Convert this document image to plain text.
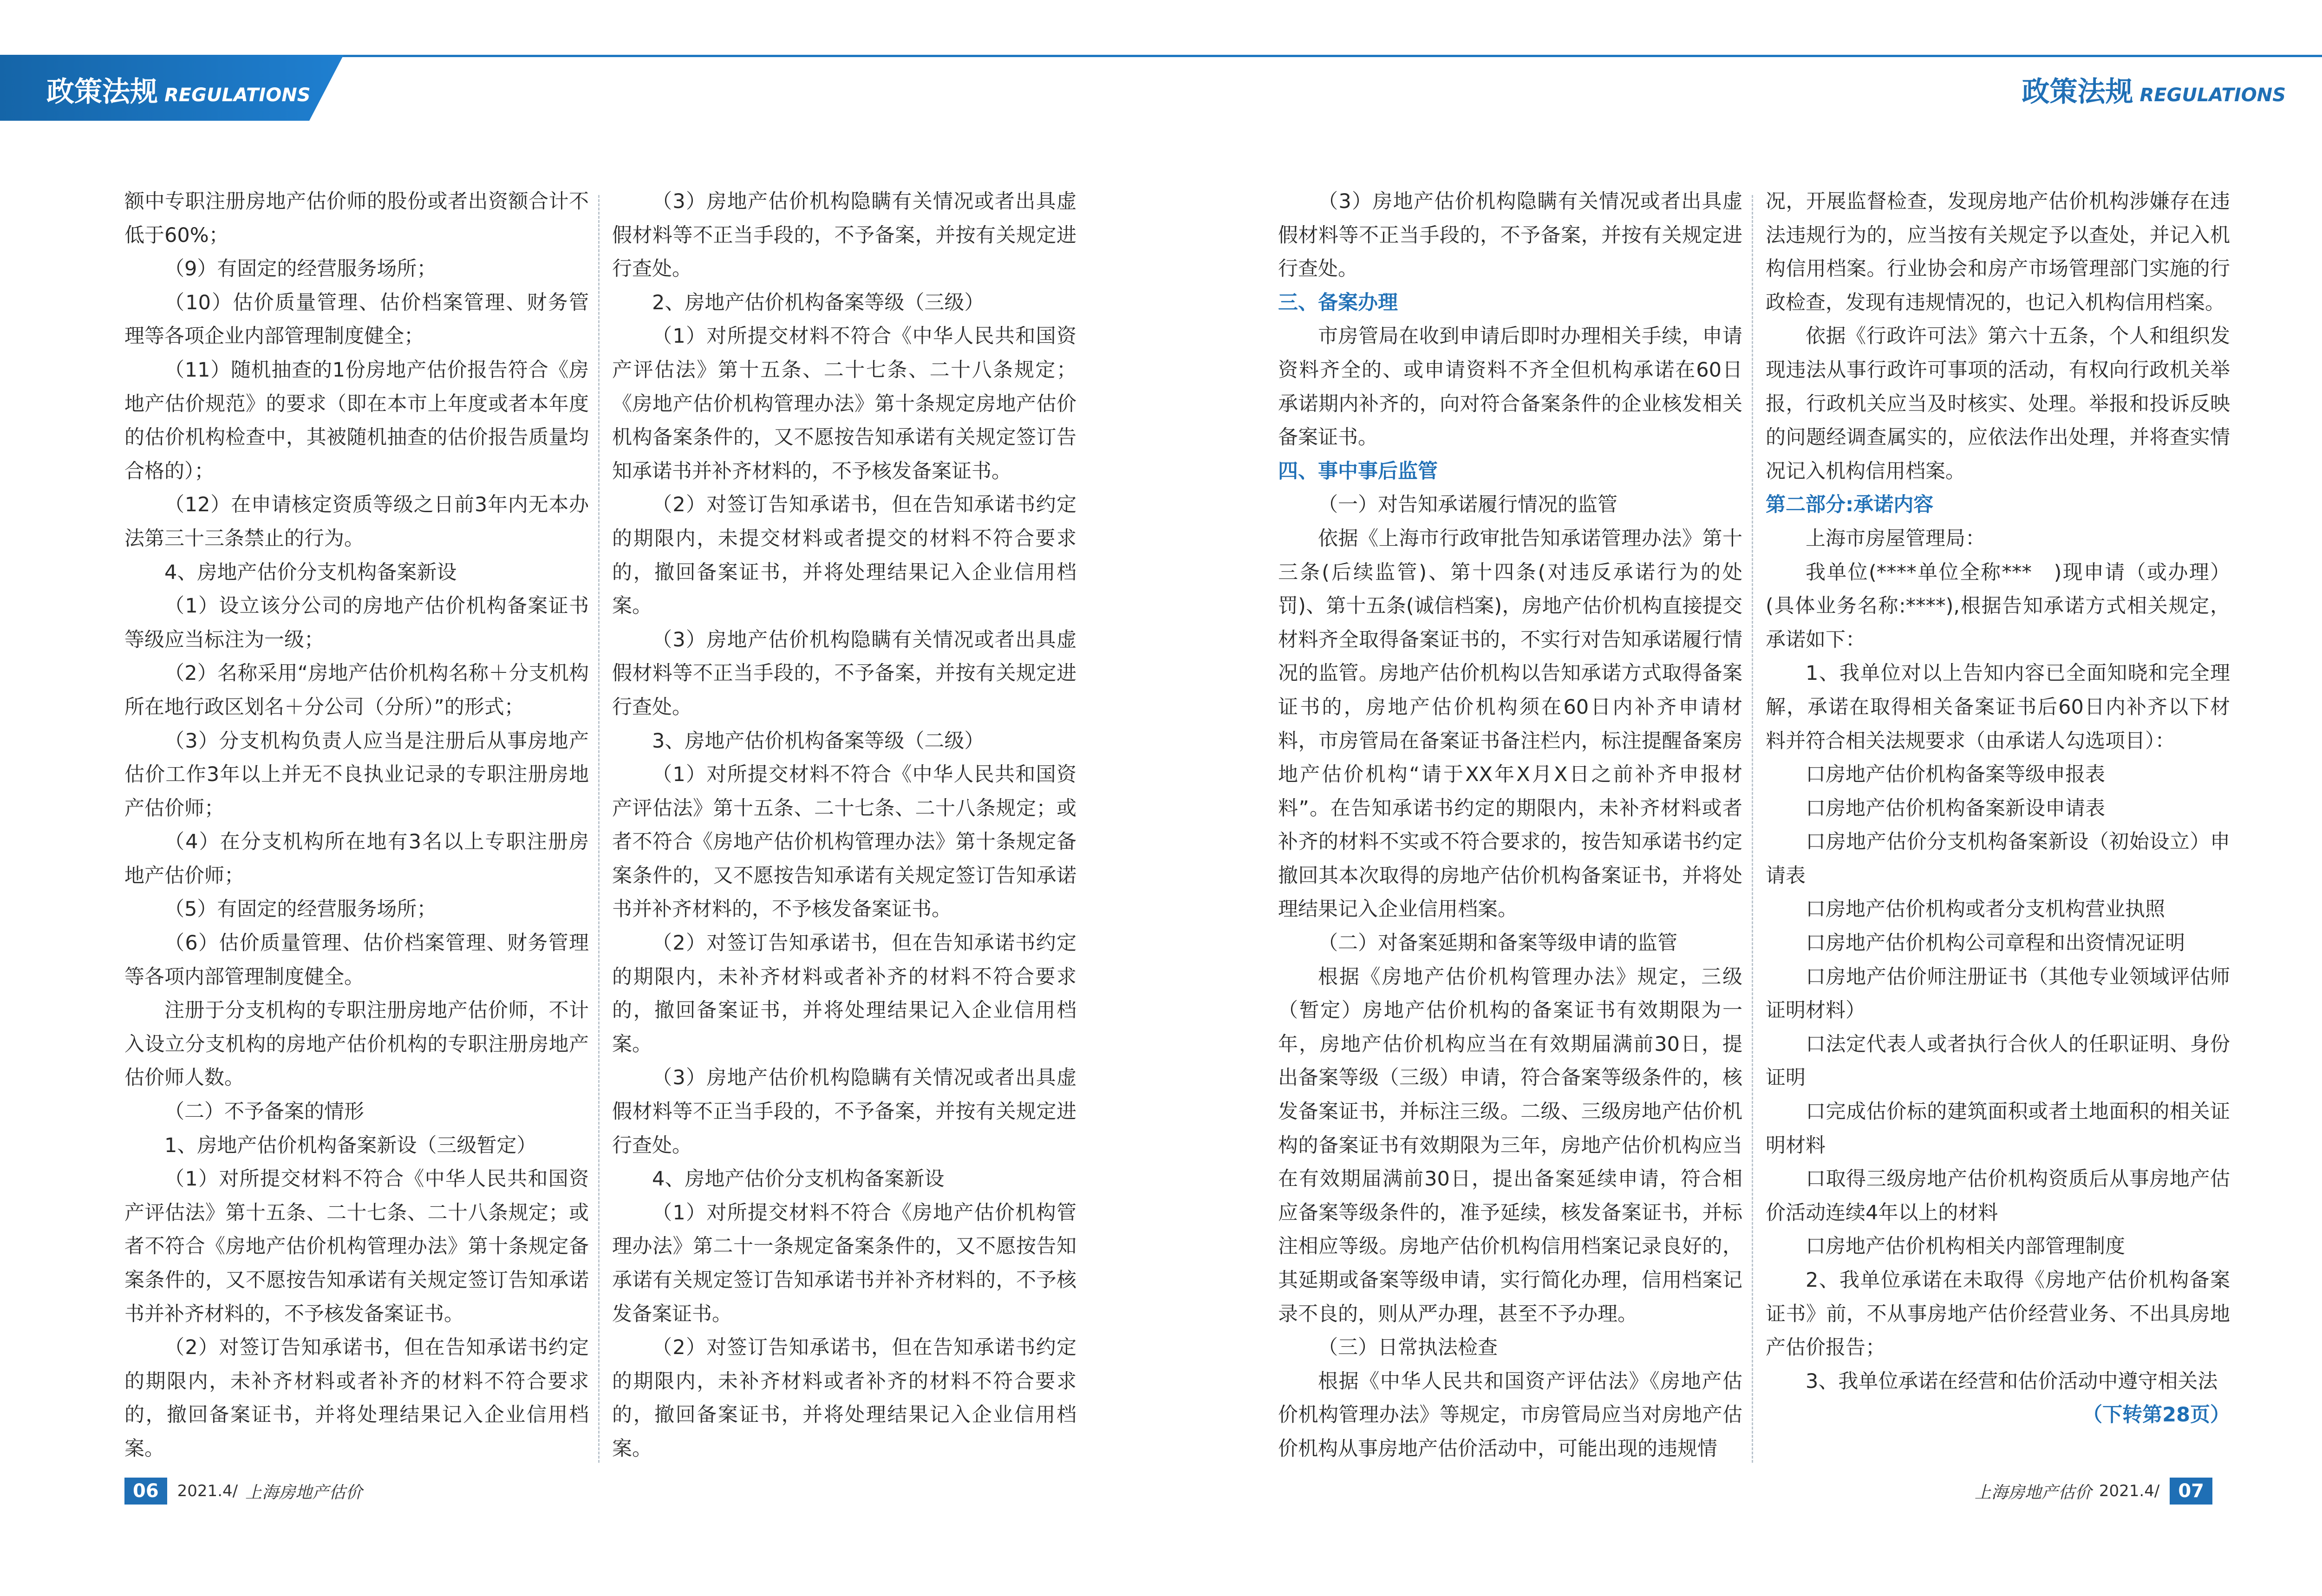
政策法规 REGULATIONS	政策法规 REGULATIONS

额中专职注册房地产估价师的股份或者出资额合计不低于60%；

（9）有固定的经营服务场所；

（10）估价质量管理、估价档案管理、财务管理等各项企业内部管理制度健全；

（11）随机抽查的1份房地产估价报告符合《房地产估价规范》的要求（即在本市上年度或者本年度的估价机构检查中，其被随机抽查的估价报告质量均合格的）；

（12）在申请核定资质等级之日前3年内无本办法第三十三条禁止的行为。

4、房地产估价分支机构备案新设

（1）设立该分公司的房地产估价机构备案证书等级应当标注为一级；

（2）名称采用“房地产估价机构名称＋分支机构所在地行政区划名＋分公司（分所）”的形式；

（3）分支机构负责人应当是注册后从事房地产估价工作3年以上并无不良执业记录的专职注册房地产估价师；

（4）在分支机构所在地有3名以上专职注册房地产估价师；

（5）有固定的经营服务场所；

（6）估价质量管理、估价档案管理、财务管理等各项内部管理制度健全。

注册于分支机构的专职注册房地产估价师，不计入设立分支机构的房地产估价机构的专职注册房地产估价师人数。

（二）不予备案的情形

1、房地产估价机构备案新设（三级暂定）

（1）对所提交材料不符合《中华人民共和国资产评估法》第十五条、二十七条、二十八条规定；或者不符合《房地产估价机构管理办法》第十条规定备案条件的，又不愿按告知承诺有关规定签订告知承诺书并补齐材料的，不予核发备案证书。

（2）对签订告知承诺书，但在告知承诺书约定的期限内，未补齐材料或者补齐的材料不符合要求的，撤回备案证书，并将处理结果记入企业信用档案。

（3）房地产估价机构隐瞒有关情况或者出具虚假材料等不正当手段的，不予备案，并按有关规定进行查处。

2、房地产估价机构备案等级（三级）

（1）对所提交材料不符合《中华人民共和国资产评估法》第十五条、二十七条、二十八条规定；《房地产估价机构管理办法》第十条规定房地产估价机构备案条件的，又不愿按告知承诺有关规定签订告知承诺书并补齐材料的，不予核发备案证书。

（2）对签订告知承诺书，但在告知承诺书约定的期限内，未提交材料或者提交的材料不符合要求的，撤回备案证书，并将处理结果记入企业信用档案。

（3）房地产估价机构隐瞒有关情况或者出具虚假材料等不正当手段的，不予备案，并按有关规定进行查处。

3、房地产估价机构备案等级（二级）

（1）对所提交材料不符合《中华人民共和国资产评估法》第十五条、二十七条、二十八条规定；或者不符合《房地产估价机构管理办法》第十条规定备案条件的，又不愿按告知承诺有关规定签订告知承诺书并补齐材料的，不予核发备案证书。

（2）对签订告知承诺书，但在告知承诺书约定的期限内，未补齐材料或者补齐的材料不符合要求的，撤回备案证书，并将处理结果记入企业信用档案。

（3）房地产估价机构隐瞒有关情况或者出具虚假材料等不正当手段的，不予备案，并按有关规定进行查处。

4、房地产估价分支机构备案新设

（1）对所提交材料不符合《房地产估价机构管理办法》第二十一条规定备案条件的，又不愿按告知承诺有关规定签订告知承诺书并补齐材料的，不予核发备案证书。

（2）对签订告知承诺书，但在告知承诺书约定的期限内，未补齐材料或者补齐的材料不符合要求的，撤回备案证书，并将处理结果记入企业信用档案。

（3）房地产估价机构隐瞒有关情况或者出具虚假材料等不正当手段的，不予备案，并按有关规定进行查处。

三、备案办理

市房管局在收到申请后即时办理相关手续，申请资料齐全的、或申请资料不齐全但机构承诺在60日承诺期内补齐的，向对符合备案条件的企业核发相关备案证书。

四、事中事后监管

（一）对告知承诺履行情况的监管

依据《上海市行政审批告知承诺管理办法》第十三条(后续监管)、第十四条(对违反承诺行为的处罚)、第十五条(诚信档案)，房地产估价机构直接提交材料齐全取得备案证书的，不实行对告知承诺履行情况的监管。房地产估价机构以告知承诺方式取得备案证书的，房地产估价机构须在60日内补齐申请材料，市房管局在备案证书备注栏内，标注提醒备案房地产估价机构“请于XX年X月X日之前补齐申报材料”。在告知承诺书约定的期限内，未补齐材料或者补齐的材料不实或不符合要求的，按告知承诺书约定撤回其本次取得的房地产估价机构备案证书，并将处理结果记入企业信用档案。

（二）对备案延期和备案等级申请的监管

根据《房地产估价机构管理办法》规定，三级（暂定）房地产估价机构的备案证书有效期限为一年，房地产估价机构应当在有效期届满前30日，提出备案等级（三级）申请，符合备案等级条件的，核发备案证书，并标注三级。二级、三级房地产估价机构的备案证书有效期限为三年，房地产估价机构应当在有效期届满前30日，提出备案延续申请，符合相应备案等级条件的，准予延续，核发备案证书，并标注相应等级。房地产估价机构信用档案记录良好的，其延期或备案等级申请，实行简化办理，信用档案记录不良的，则从严办理，甚至不予办理。

（三）日常执法检查

根据《中华人民共和国资产评估法》《房地产估价机构管理办法》等规定，市房管局应当对房地产估价机构从事房地产估价活动中，可能出现的违规情

况，开展监督检查，发现房地产估价机构涉嫌存在违法违规行为的，应当按有关规定予以查处，并记入机构信用档案。行业协会和房产市场管理部门实施的行政检查，发现有违规情况的，也记入机构信用档案。

依据《行政许可法》第六十五条，个人和组织发现违法从事行政许可事项的活动，有权向行政机关举报，行政机关应当及时核实、处理。举报和投诉反映的问题经调查属实的，应依法作出处理，并将查实情况记入机构信用档案。

第二部分:承诺内容

上海市房屋管理局：

我单位(****单位全称***　)现申请（或办理）(具体业务名称:****),根据告知承诺方式相关规定，承诺如下：

1、我单位对以上告知内容已全面知晓和完全理解，承诺在取得相关备案证书后60日内补齐以下材料并符合相关法规要求（由承诺人勾选项目）：

口房地产估价机构备案等级申报表

口房地产估价机构备案新设申请表

口房地产估价分支机构备案新设（初始设立）申请表

口房地产估价机构或者分支机构营业执照

口房地产估价机构公司章程和出资情况证明

口房地产估价师注册证书（其他专业领域评估师证明材料）

口法定代表人或者执行合伙人的任职证明、身份证明

口完成估价标的建筑面积或者土地面积的相关证明材料

口取得三级房地产估价机构资质后从事房地产估价活动连续4年以上的材料

口房地产估价机构相关内部管理制度

2、我单位承诺在未取得《房地产估价机构备案证书》前，不从事房地产估价经营业务、不出具房地产估价报告；

3、我单位承诺在经营和估价活动中遵守相关法

（下转第28页）

06	2021.4/ 上海房地产估价	上海房地产估价 2021.4/	07
